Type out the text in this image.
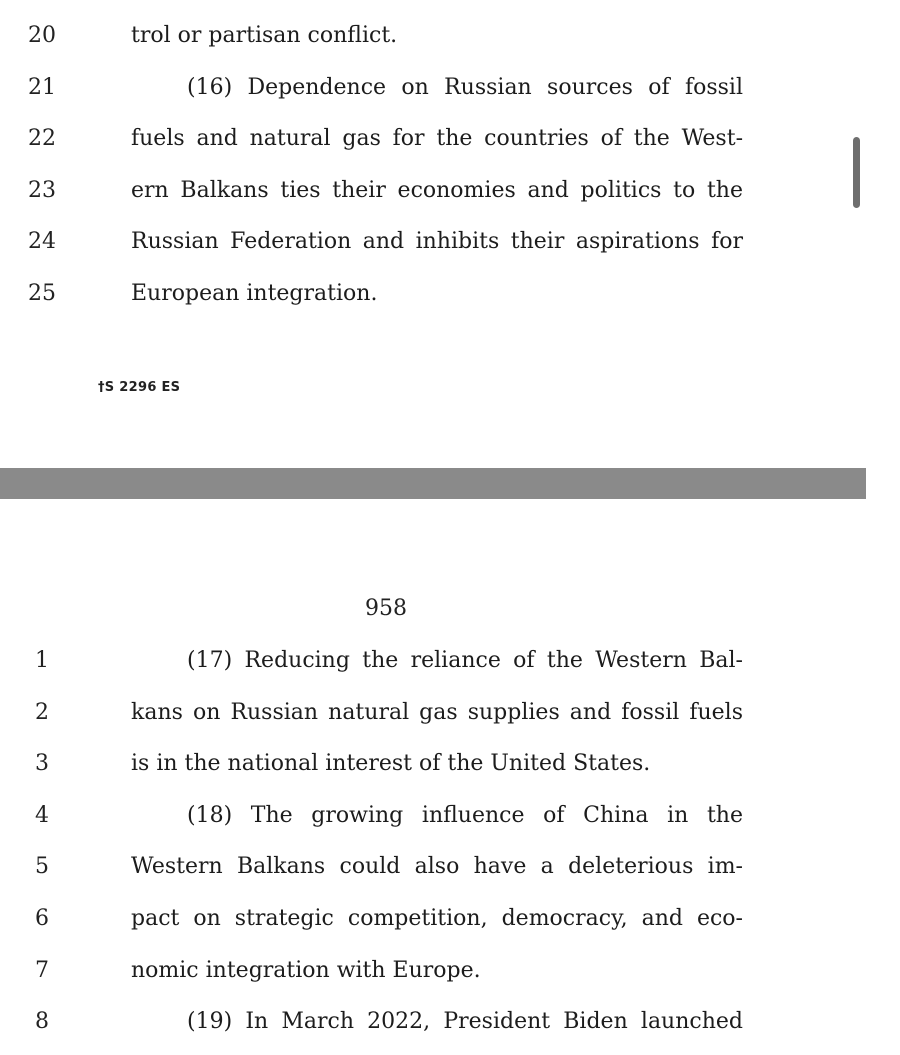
20	trol or partisan conflict.
21	(16) Dependence on Russian sources of fossil
22	fuels and natural gas for the countries of the West-
23	ern Balkans ties their economies and politics to the
24	Russian Federation and inhibits their aspirations for
25	European integration.
†S 2296 ES
958
1	(17) Reducing the reliance of the Western Bal-
2	kans on Russian natural gas supplies and fossil fuels
3	is in the national interest of the United States.
4	(18) The growing influence of China in the
5	Western Balkans could also have a deleterious im-
6	pact on strategic competition, democracy, and eco-
7	nomic integration with Europe.
8	(19) In March 2022, President Biden launched
